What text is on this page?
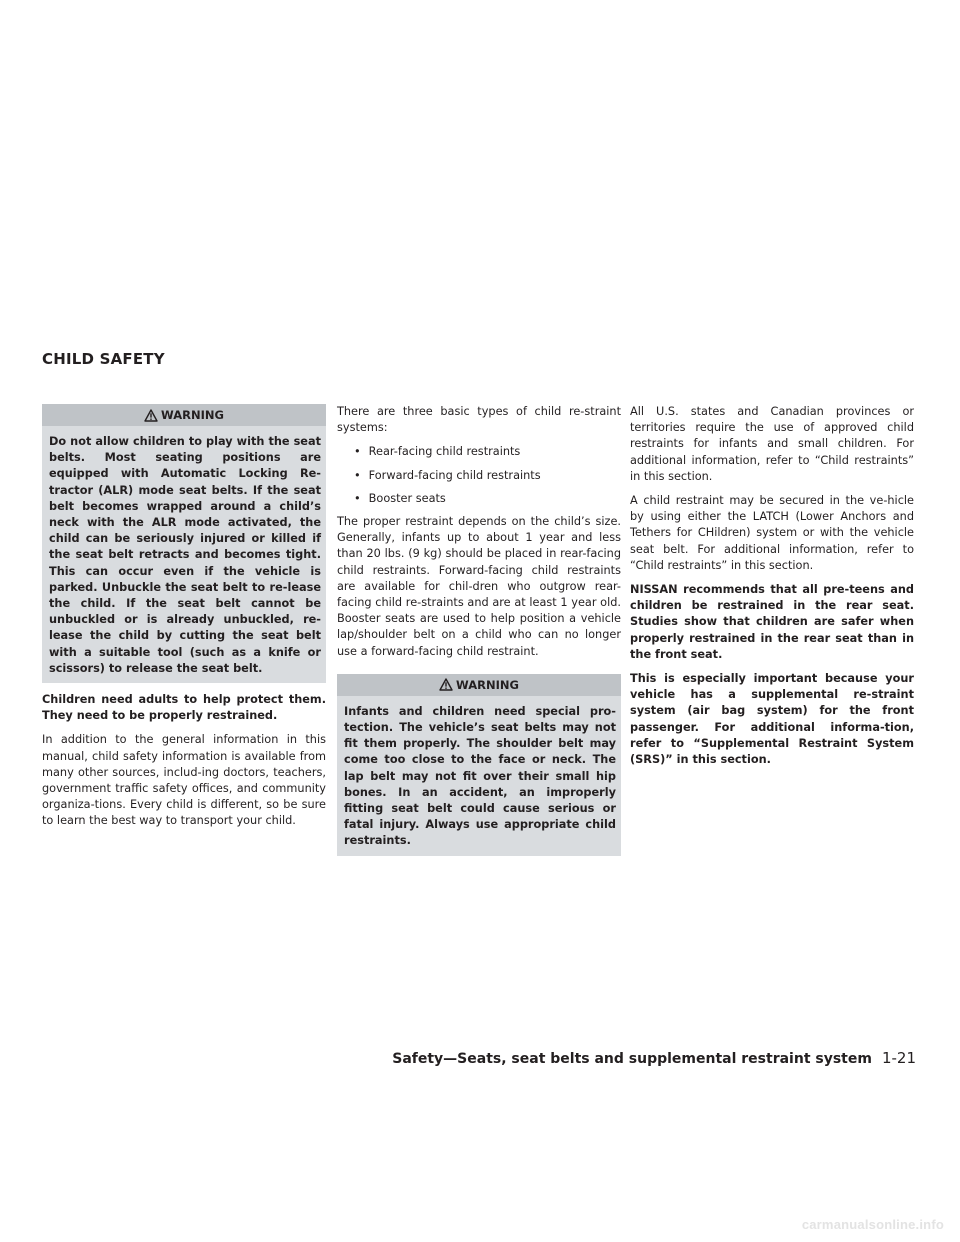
CHILD SAFETY
WARNING
Do not allow children to play with the seat belts. Most seating positions are equipped with Automatic Locking Re-tractor (ALR) mode seat belts. If the seat belt becomes wrapped around a child’s neck with the ALR mode activated, the child can be seriously injured or killed if the seat belt retracts and becomes tight. This can occur even if the vehicle is parked. Unbuckle the seat belt to re-lease the child. If the seat belt cannot be unbuckled or is already unbuckled, re-lease the child by cutting the seat belt with a suitable tool (such as a knife or scissors) to release the seat belt.

Children need adults to help protect them. They need to be properly restrained.

In addition to the general information in this manual, child safety information is available from many other sources, includ-ing doctors, teachers, government traffic safety offices, and community organiza-tions. Every child is different, so be sure to learn the best way to transport your child.

There are three basic types of child re-straint systems:

• Rear-facing child restraints
• Forward-facing child restraints
• Booster seats

The proper restraint depends on the child’s size. Generally, infants up to about 1 year and less than 20 lbs. (9 kg) should be placed in rear-facing child restraints. Forward-facing child restraints are available for chil-dren who outgrow rear-facing child re-straints and are at least 1 year old. Booster seats are used to help position a vehicle lap/shoulder belt on a child who can no longer use a forward-facing child restraint.

WARNING
Infants and children need special pro-tection. The vehicle’s seat belts may not fit them properly. The shoulder belt may come too close to the face or neck. The lap belt may not fit over their small hip bones. In an accident, an improperly fitting seat belt could cause serious or fatal injury. Always use appropriate child restraints.

All U.S. states and Canadian provinces or territories require the use of approved child restraints for infants and small children. For additional information, refer to “Child restraints” in this section.

A child restraint may be secured in the ve-hicle by using either the LATCH (Lower Anchors and Tethers for CHildren) system or with the vehicle seat belt. For additional information, refer to “Child restraints” in this section.

NISSAN recommends that all pre-teens and children be restrained in the rear seat. Studies show that children are safer when properly restrained in the rear seat than in the front seat.

This is especially important because your vehicle has a supplemental re-straint system (air bag system) for the front passenger. For additional informa-tion, refer to “Supplemental Restraint System (SRS)” in this section.

Safety—Seats, seat belts and supplemental restraint system 1-21
carmanualsonline.info
